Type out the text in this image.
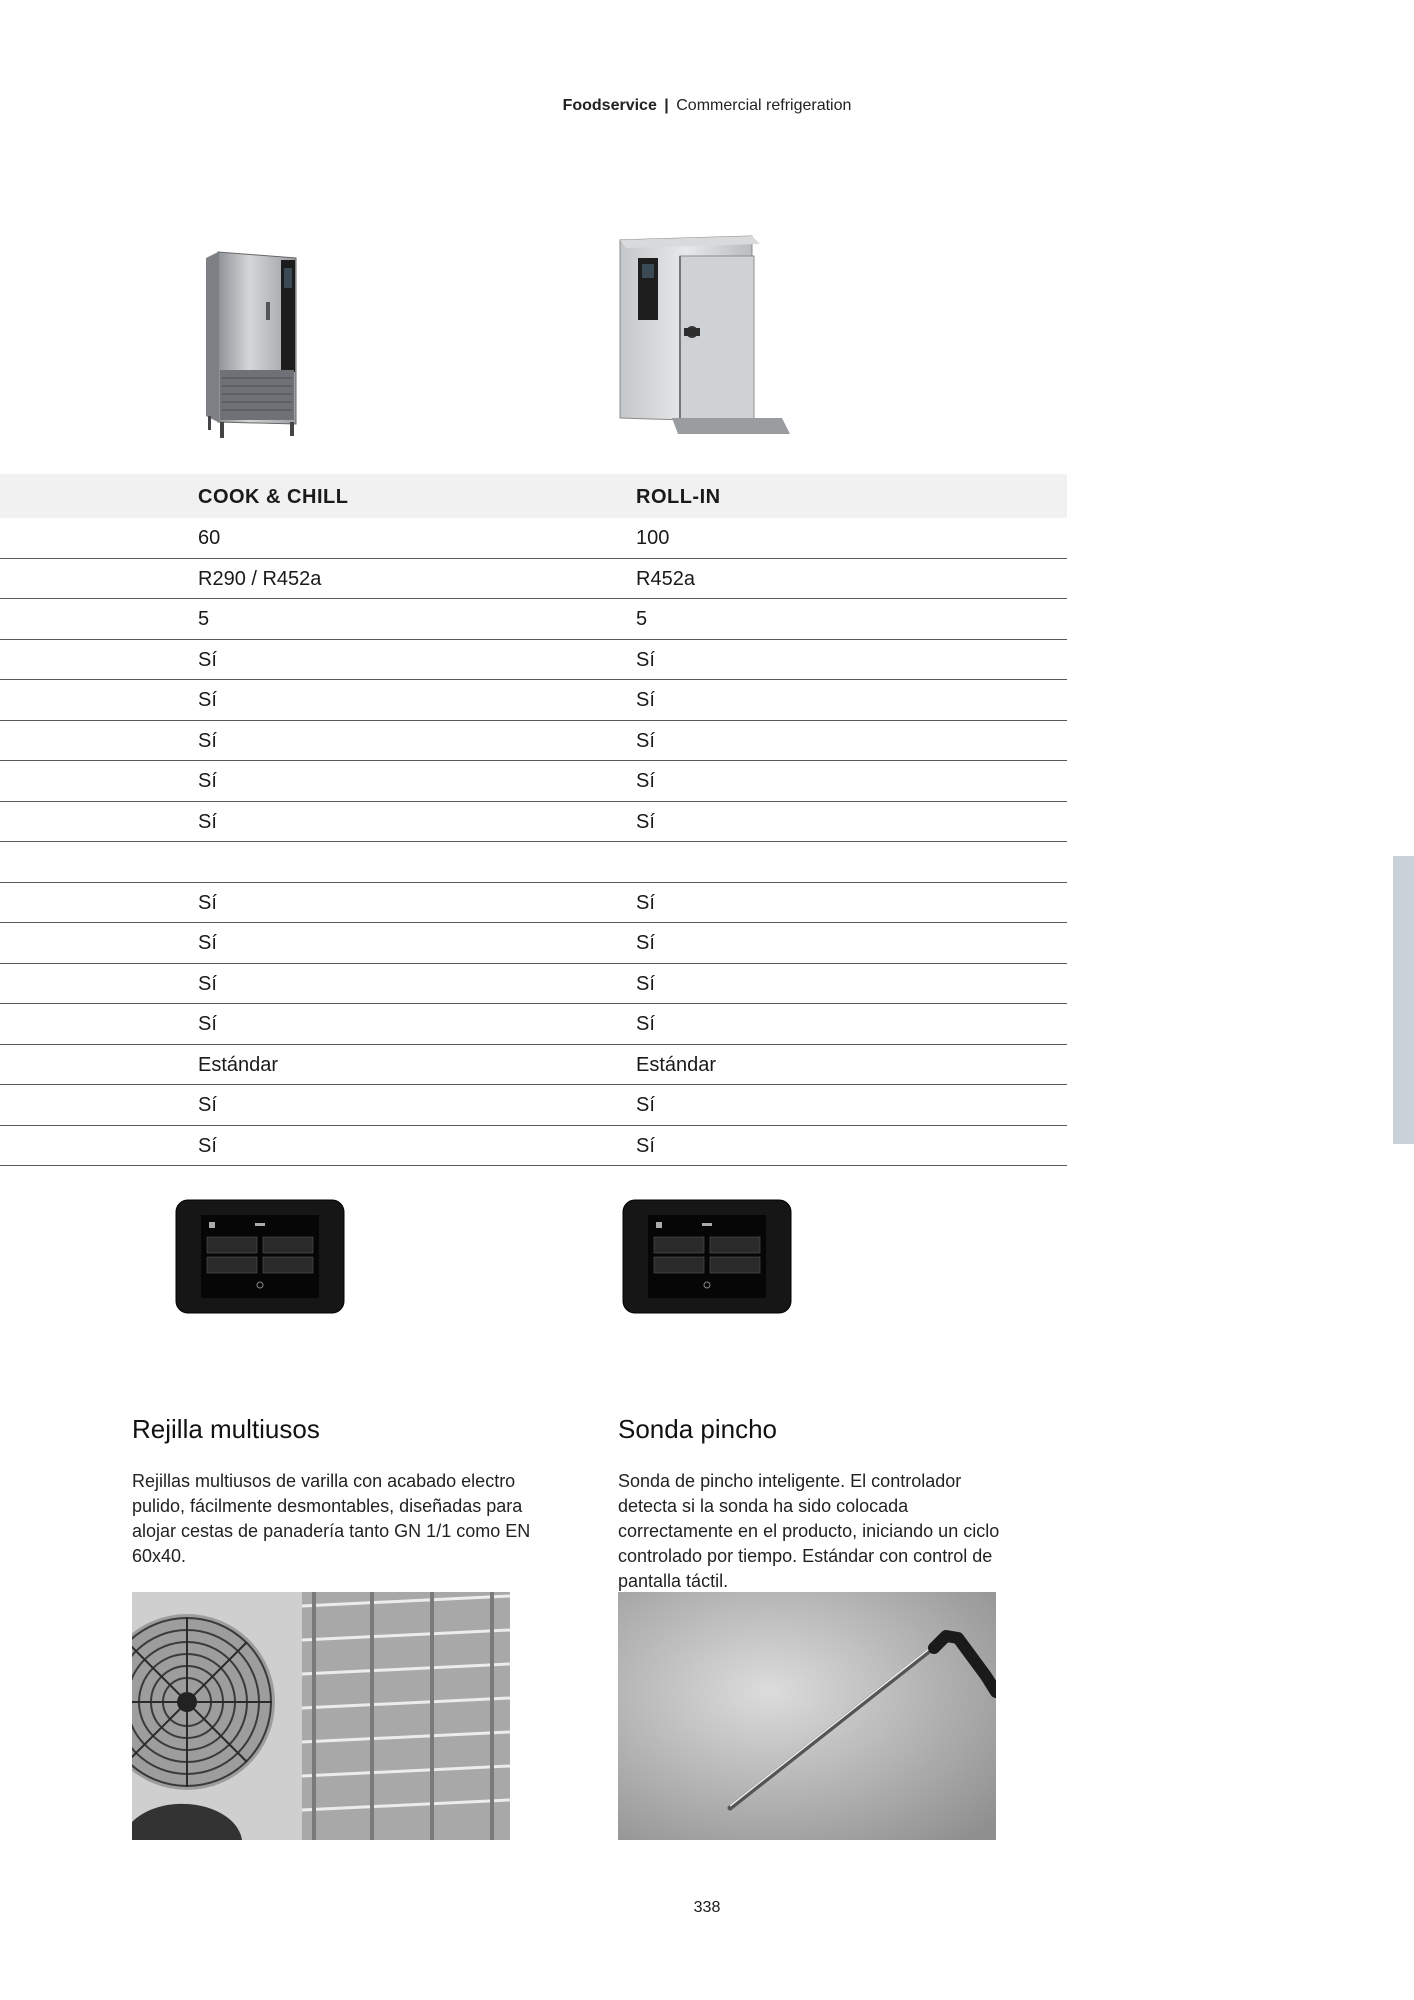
Foodservice | Commercial refrigeration
COOK & CHILL	ROLL-IN
60	100
R290 / R452a	R452a
5	5
Sí	Sí
Sí	Sí
Sí	Sí
Sí	Sí
Sí	Sí
Sí	Sí
Sí	Sí
Sí	Sí
Sí	Sí
Estándar	Estándar
Sí	Sí
Sí	Sí
Rejilla multiusos

Rejillas multiusos de varilla con acabado electro pulido, fácilmente desmontables, diseñadas para alojar cestas de panadería tanto GN 1/1 como EN 60x40.

Sonda pincho

Sonda de pincho inteligente. El controlador detecta si la sonda ha sido colocada correctamente en el producto, iniciando un ciclo controlado por tiempo. Estándar con control de pantalla táctil.

338
